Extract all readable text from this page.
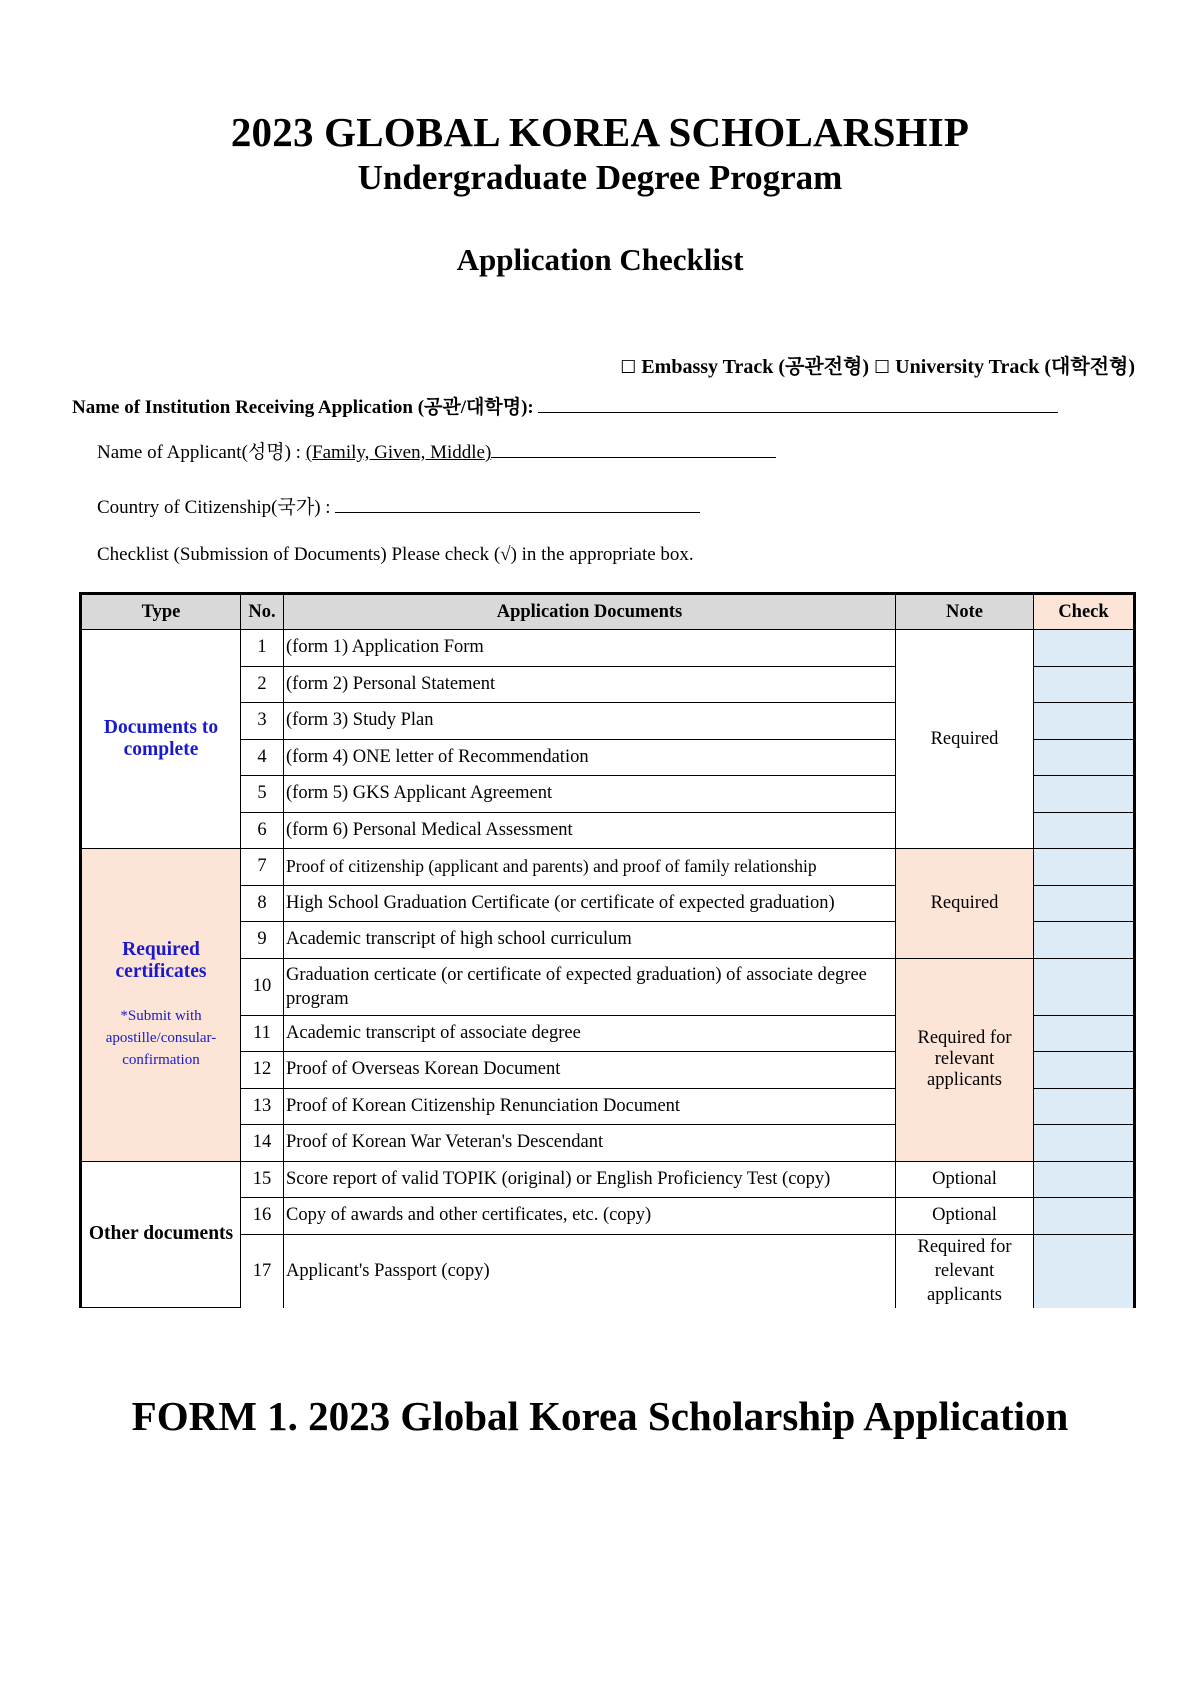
2023 GLOBAL KOREA SCHOLARSHIP
Undergraduate Degree Program
Application Checklist
☐ Embassy Track (공관전형) ☐ University Track (대학전형)
Name of Institution Receiving Application (공관/대학명):
Name of Applicant(성명) : (Family, Given, Middle)
Country of Citizenship(국가) :
Checklist (Submission of Documents) Please check (√) in the appropriate box.
Type	No.	Application Documents	Note	Check
Documents to complete	1	(form 1) Application Form	Required	
	2	(form 2) Personal Statement		
	3	(form 3) Study Plan		
	4	(form 4) ONE letter of Recommendation		
	5	(form 5) GKS Applicant Agreement		
	6	(form 6) Personal Medical Assessment		
Required certificates
*Submit with apostille/consular-confirmation	7	Proof of citizenship (applicant and parents) and proof of family relationship	Required	
	8	High School Graduation Certificate (or certificate of expected graduation)		
	9	Academic transcript of high school curriculum		
	10	Graduation certicate (or certificate of expected graduation) of associate degree program	Required for relevant applicants	
	11	Academic transcript of associate degree		
	12	Proof of Overseas Korean Document		
	13	Proof of Korean Citizenship Renunciation Document		
	14	Proof of Korean War Veteran's Descendant		
Other documents	15	Score report of valid TOPIK (original) or English Proficiency Test (copy)	Optional	
	16	Copy of awards and other certificates, etc. (copy)	Optional	
	17	Applicant's Passport (copy)	Required for relevant applicants	
FORM 1. 2023 Global Korea Scholarship Application
